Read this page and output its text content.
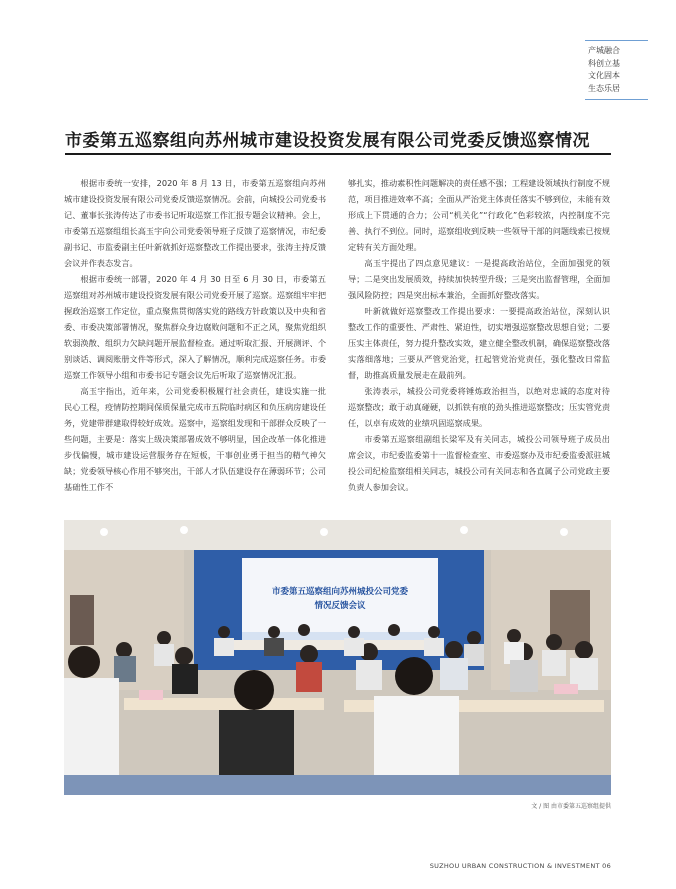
产城融合
科创立基
文化固本
生态乐居
市委第五巡察组向苏州城市建设投资发展有限公司党委反馈巡察情况

根据市委统一安排，2020 年 8 月 13 日，市委第五巡察组向苏州城市建设投资发展有限公司党委反馈巡察情况。会前，向城投公司党委书记、董事长张涛传达了市委书记听取巡察工作汇报专题会议精神。会上，市委第五巡察组组长高玉宇向公司党委领导班子反馈了巡察情况，市纪委副书记、市监委副主任叶新就抓好巡察整改工作提出要求，张涛主持反馈会议并作表态发言。

根据市委统一部署，2020 年 4 月 30 日至 6 月 30 日，市委第五巡察组对苏州城市建设投资发展有限公司党委开展了巡察。巡察组牢牢把握政治巡察工作定位，重点聚焦贯彻落实党的路线方针政策以及中央和省委、市委决策部署情况，聚焦群众身边腐败问题和不正之风，聚焦党组织软弱涣散、组织力欠缺问题开展监督检查。通过听取汇报、开展测评、个别谈话、调阅账册文件等形式，深入了解情况，顺利完成巡察任务。市委巡察工作领导小组和市委书记专题会议先后听取了巡察情况汇报。

高玉宇指出，近年来，公司党委积极履行社会责任，建设实施一批民心工程，疫情防控期间保质保量完成市五院临时病区和负压病房建设任务，党建带群建取得较好成效。巡察中，巡察组发现和干部群众反映了一些问题，主要是：落实上级决策部署成效不够明显，国企改革一体化推进步伐偏慢，城市建设运营服务存在短板，干事创业勇于担当的精气神欠缺；党委领导核心作用不够突出，干部人才队伍建设存在薄弱环节；公司基础性工作不

够扎实，推动素积性问题解决的责任感不强；工程建设领域执行制度不规范，项目推进效率不高；全面从严治党主体责任落实不够到位，未能有效形成上下贯通的合力；公司“机关化”“行政化”色彩较浓，内控制度不完善、执行不到位。同时，巡察组收到反映一些领导干部的问题线索已按规定转有关方面处理。

高玉宇提出了四点意见建议：一是提高政治站位，全面加强党的领导；二是突出发展质效，持续加快转型升级；三是突出监督管理，全面加强风险防控；四是突出标本兼治，全面抓好整改落实。

叶新就做好巡察整改工作提出要求：一要提高政治站位，深刻认识整改工作的重要性、严肃性、紧迫性，切实增强巡察整改思想自觉；二要压实主体责任，努力提升整改实效，建立健全整改机制，确保巡察整改落实落细落地；三要从严管党治党，扛起管党治党责任，强化整改日常监督，助推高质量发展走在最前列。

张涛表示，城投公司党委将锤炼政治担当，以绝对忠诚的态度对待巡察整改；敢于动真碰硬，以抓铁有痕的劲头推进巡察整改；压实管党责任，以卓有成效的业绩巩固巡察成果。

市委第五巡察组副组长梁军及有关同志，城投公司领导班子成员出席会议，市纪委监委第十一监督检查室、市委巡察办及市纪委监委派驻城投公司纪检监察组相关同志，城投公司有关同志和各直属子公司党政主要负责人参加会议。

市委第五巡察组向苏州城投公司党委
情况反馈会议
文 / 图 由市委第五巡察组提供
SUZHOU URBAN CONSTRUCTION & INVESTMENT 06
